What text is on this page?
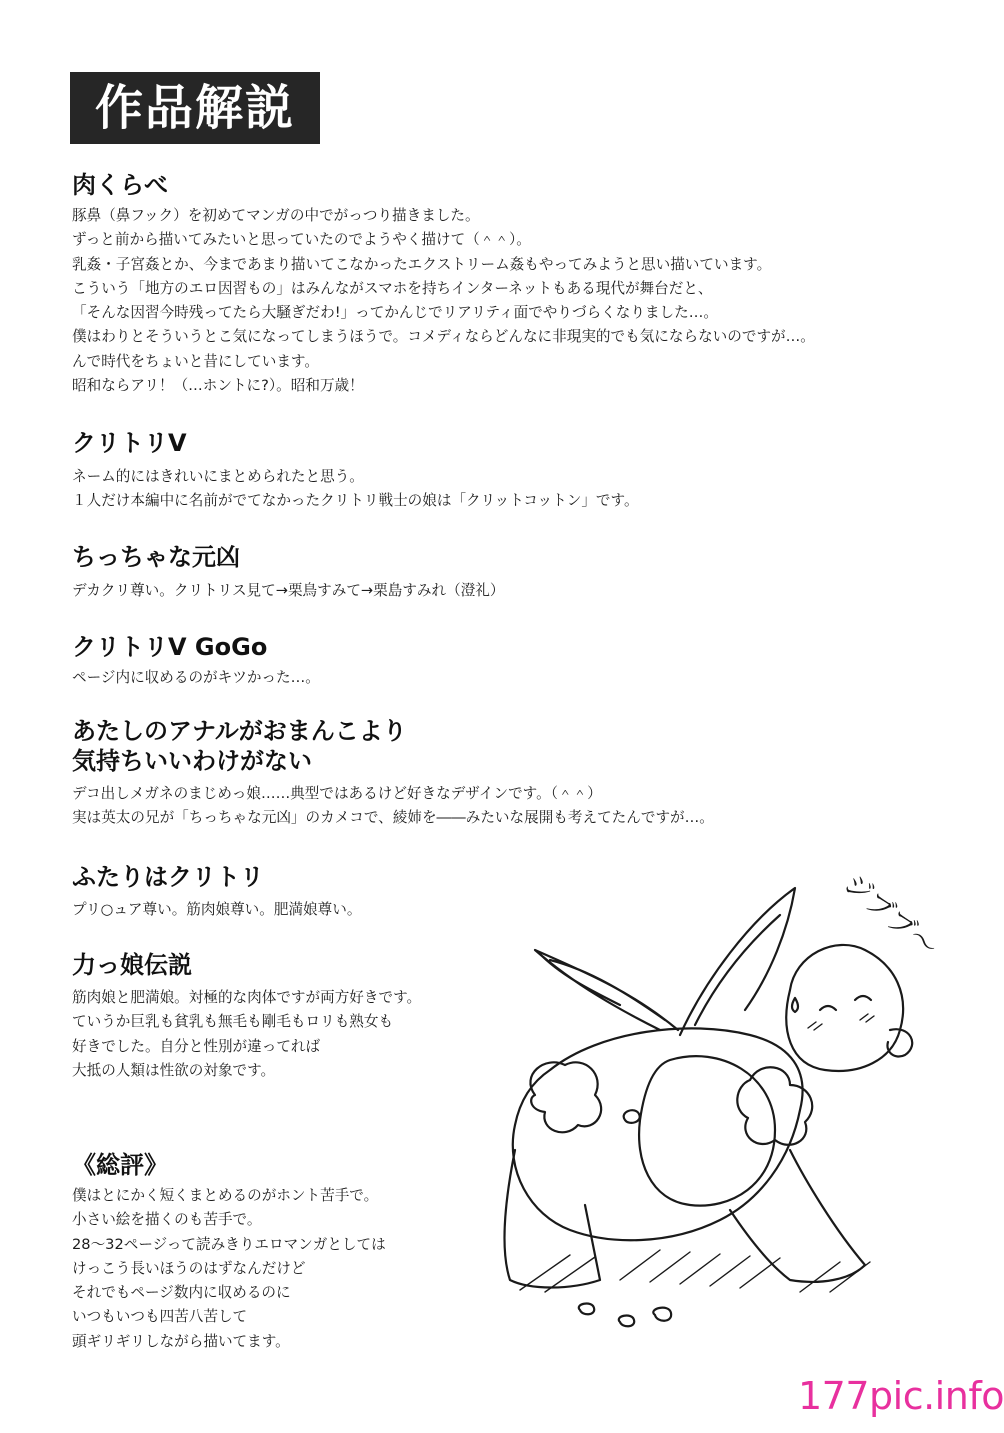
作品解説
肉くらべ
豚鼻（鼻フック）を初めてマンガの中でがっつり描きました。
ずっと前から描いてみたいと思っていたのでようやく描けて（＾＾）。
乳姦・子宮姦とか、今まであまり描いてこなかったエクストリーム姦もやってみようと思い描いています。
こういう「地方のエロ因習もの」はみんながスマホを持ちインターネットもある現代が舞台だと、
「そんな因習今時残ってたら大騒ぎだわ!」ってかんじでリアリティ面でやりづらくなりました…。
僕はわりとそういうとこ気になってしまうほうで。コメディならどんなに非現実的でも気にならないのですが…。
んで時代をちょいと昔にしています。
昭和ならアリ！（…ホントに?）。昭和万歳！
クリトリV
ネーム的にはきれいにまとめられたと思う。
１人だけ本編中に名前がでてなかったクリトリ戦士の娘は「クリットコットン」です。
ちっちゃな元凶
デカクリ尊い。クリトリス見て→栗鳥すみて→栗島すみれ（澄礼）
クリトリV GoGo
ページ内に収めるのがキツかった…。
あたしのアナルがおまんこより
気持ちいいわけがない
デコ出しメガネのまじめっ娘……典型ではあるけど好きなデザインです。（＾＾）
実は英太の兄が「ちっちゃな元凶」のカメコで、綾姉を――みたいな展開も考えてたんですが…。
ふたりはクリトリ
プリ○ュア尊い。筋肉娘尊い。肥満娘尊い。
力っ娘伝説
筋肉娘と肥満娘。対極的な肉体ですが両方好きです。
ていうか巨乳も貧乳も無毛も剛毛もロリも熟女も
好きでした。自分と性別が違ってれば
大抵の人類は性欲の対象です。
《総評》
僕はとにかく短くまとめるのがホント苦手で。
小さい絵を描くのも苦手で。
28～32ページって読みきりエロマンガとしては
けっこう長いほうのはずなんだけど
それでもページ数内に収めるのに
いつもいつも四苦八苦して
頭ギリギリしながら描いてます。
ジブブ～
177pic.info
